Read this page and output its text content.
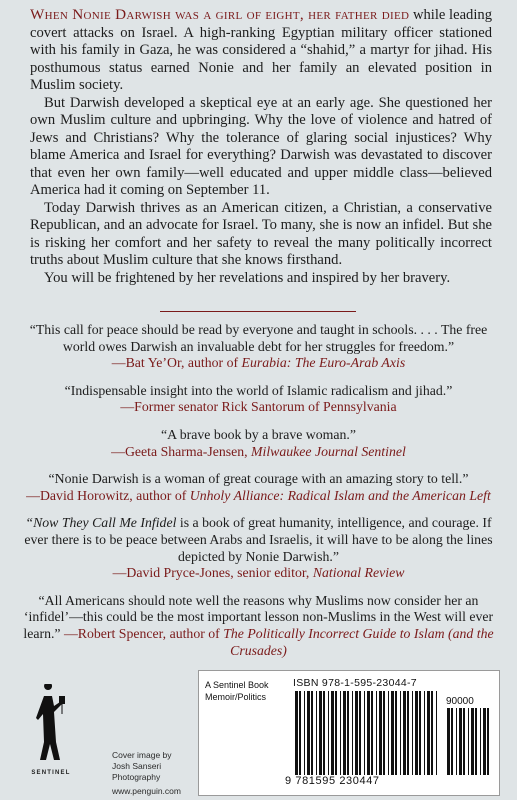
When Nonie Darwish was a girl of eight, her father died while leading covert attacks on Israel. A high-ranking Egyptian military officer stationed with his family in Gaza, he was considered a “shahid,” a martyr for jihad. His posthumous status earned Nonie and her family an elevated position in Muslim society.

But Darwish developed a skeptical eye at an early age. She questioned her own Muslim culture and upbringing. Why the love of violence and hatred of Jews and Christians? Why the tolerance of glaring social injustices? Why blame America and Israel for everything? Darwish was devastated to discover that even her own family—well educated and upper middle class—believed America had it coming on September 11.

Today Darwish thrives as an American citizen, a Christian, a conservative Republican, and an advocate for Israel. To many, she is now an infidel. But she is risking her comfort and her safety to reveal the many politically incorrect truths about Muslim culture that she knows firsthand.

You will be frightened by her revelations and inspired by her bravery.

“This call for peace should be read by everyone and taught in schools. . . . The free world owes Darwish an invaluable debt for her struggles for freedom.”
—Bat Ye’Or, author of Eurabia: The Euro-Arab Axis
“Indispensable insight into the world of Islamic radicalism and jihad.”
—Former senator Rick Santorum of Pennsylvania
“A brave book by a brave woman.”
—Geeta Sharma-Jensen, Milwaukee Journal Sentinel
“Nonie Darwish is a woman of great courage with an amazing story to tell.”
—David Horowitz, author of Unholy Alliance: Radical Islam and the American Left
“Now They Call Me Infidel is a book of great humanity, intelligence, and courage. If ever there is to be peace between Arabs and Israelis, it will have to be along the lines depicted by Nonie Darwish.”
—David Pryce-Jones, senior editor, National Review
“All Americans should note well the reasons why Muslims now consider her an ‘infidel’—this could be the most important lesson non-Muslims in the West will ever learn.” —Robert Spencer, author of The Politically Incorrect Guide to Islam (and the Crusades)
SENTINEL
Cover image by
Josh Sanseri Photography
www.penguin.com
A Sentinel Book
Memoir/Politics
ISBN 978-1-595-23044-7
90000
9 781595 230447
